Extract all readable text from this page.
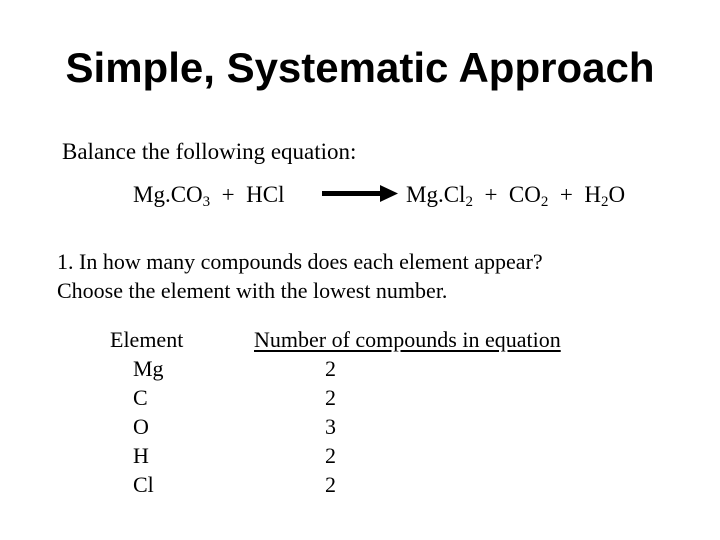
Simple, Systematic Approach
Balance the following equation:
$Mg.CO_3$  +  HCl	$Mg.Cl_2 + CO_2 + H_2O$
1. In how many compounds does each element appear?
Choose the element with the lowest number.
Element
Mg
C
O
H
Cl
Number of compounds in equation
2
2
3
2
2
